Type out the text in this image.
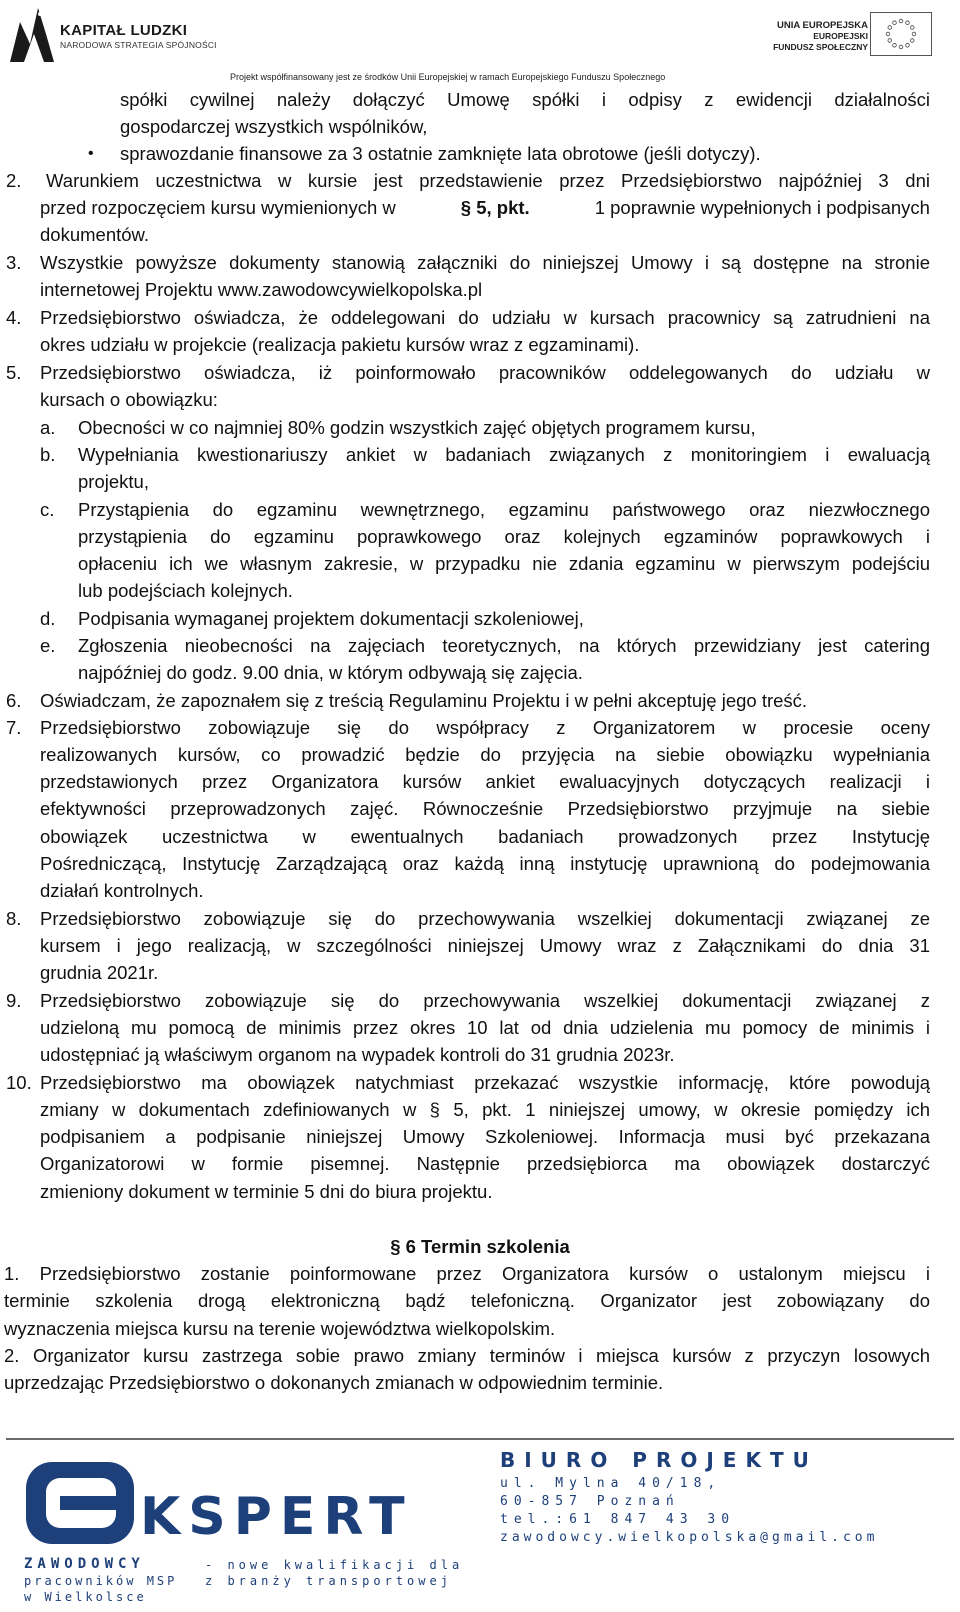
KAPITAŁ LUDZKI
NARODOWA STRATEGIA SPÓJNOŚCI
UNIA EUROPEJSKA
EUROPEJSKI
FUNDUSZ SPOŁECZNY
Projekt współfinansowany jest ze środków Unii Europejskiej w ramach Europejskiego Funduszu Społecznego
spółki cywilnej należy dołączyć Umowę spółki i odpisy z ewidencji działalności
gospodarczej wszystkich wspólników,
• sprawozdanie finansowe za 3 ostatnie zamknięte lata obrotowe (jeśli dotyczy).
2. Warunkiem uczestnictwa w kursie jest przedstawienie przez Przedsiębiorstwo najpóźniej 3 dni
przed rozpoczęciem kursu wymienionych w	§ 5, pkt.	1 poprawnie wypełnionych i podpisanych
dokumentów.
3. Wszystkie powyższe dokumenty stanowią załączniki do niniejszej Umowy i są dostępne na stronie
internetowej Projektu www.zawodowcywielkopolska.pl
4. Przedsiębiorstwo oświadcza, że oddelegowani do udziału w kursach pracownicy są zatrudnieni na
okres udziału w projekcie (realizacja pakietu kursów wraz z egzaminami).
5. Przedsiębiorstwo oświadcza, iż poinformowało pracowników oddelegowanych do udziału w
kursach o obowiązku:
a. Obecności w co najmniej 80% godzin wszystkich zajęć objętych programem kursu,
b. Wypełniania kwestionariuszy ankiet w badaniach związanych z monitoringiem i ewaluacją
projektu,
c. Przystąpienia do egzaminu wewnętrznego, egzaminu państwowego oraz niezwłocznego
przystąpienia do egzaminu poprawkowego oraz kolejnych egzaminów poprawkowych i
opłaceniu ich we własnym zakresie, w przypadku nie zdania egzaminu w pierwszym podejściu
lub podejściach kolejnych.
d. Podpisania wymaganej projektem dokumentacji szkoleniowej,
e. Zgłoszenia nieobecności na zajęciach teoretycznych, na których przewidziany jest catering
najpóźniej do godz. 9.00 dnia, w którym odbywają się zajęcia.
6. Oświadczam, że zapoznałem się z treścią Regulaminu Projektu i w pełni akceptuję jego treść.
7. Przedsiębiorstwo zobowiązuje się do współpracy z Organizatorem w procesie oceny
realizowanych kursów, co prowadzić będzie do przyjęcia na siebie obowiązku wypełniania
przedstawionych przez Organizatora kursów ankiet ewaluacyjnych dotyczących realizacji i
efektywności przeprowadzonych zajęć. Równocześnie Przedsiębiorstwo przyjmuje na siebie
obowiązek uczestnictwa w ewentualnych badaniach prowadzonych przez Instytucję
Pośredniczącą, Instytucję Zarządzającą oraz każdą inną instytucję uprawnioną do podejmowania
działań kontrolnych.
8. Przedsiębiorstwo zobowiązuje się do przechowywania wszelkiej dokumentacji związanej ze
kursem i jego realizacją, w szczególności niniejszej Umowy wraz z Załącznikami do dnia 31
grudnia 2021r.
9. Przedsiębiorstwo zobowiązuje się do przechowywania wszelkiej dokumentacji związanej z
udzieloną mu pomocą de minimis przez okres 10 lat od dnia udzielenia mu pomocy de minimis i
udostępniać ją właściwym organom na wypadek kontroli do 31 grudnia 2023r.
10. Przedsiębiorstwo ma obowiązek natychmiast przekazać wszystkie informację, które powodują
zmiany w dokumentach zdefiniowanych w § 5, pkt. 1 niniejszej umowy, w okresie pomiędzy ich
podpisaniem a podpisanie niniejszej Umowy Szkoleniowej. Informacja musi być przekazana
Organizatorowi w formie pisemnej. Następnie przedsiębiorca ma obowiązek dostarczyć
zmieniony dokument w terminie 5 dni do biura projektu.
§ 6 Termin szkolenia
1. Przedsiębiorstwo zostanie poinformowane przez Organizatora kursów o ustalonym miejscu i
terminie szkolenia drogą elektroniczną bądź telefoniczną. Organizator jest zobowiązany do
wyznaczenia miejsca kursu na terenie województwa wielkopolskim.
2. Organizator kursu zastrzega sobie prawo zmiany terminów i miejsca kursów z przyczyn losowych
uprzedzając Przedsiębiorstwo o dokonanych zmianach w odpowiednim terminie.
KSPERT
ZAWODOWCY
pracowników MSP
w Wielkolsce
- nowe kwalifikacji dla
z branży transportowej
BIURO PROJEKTU
ul. Mylna 40/18,
60-857 Poznań
tel.:61 847 43 30
zawodowcy.wielkopolska@gmail.com
